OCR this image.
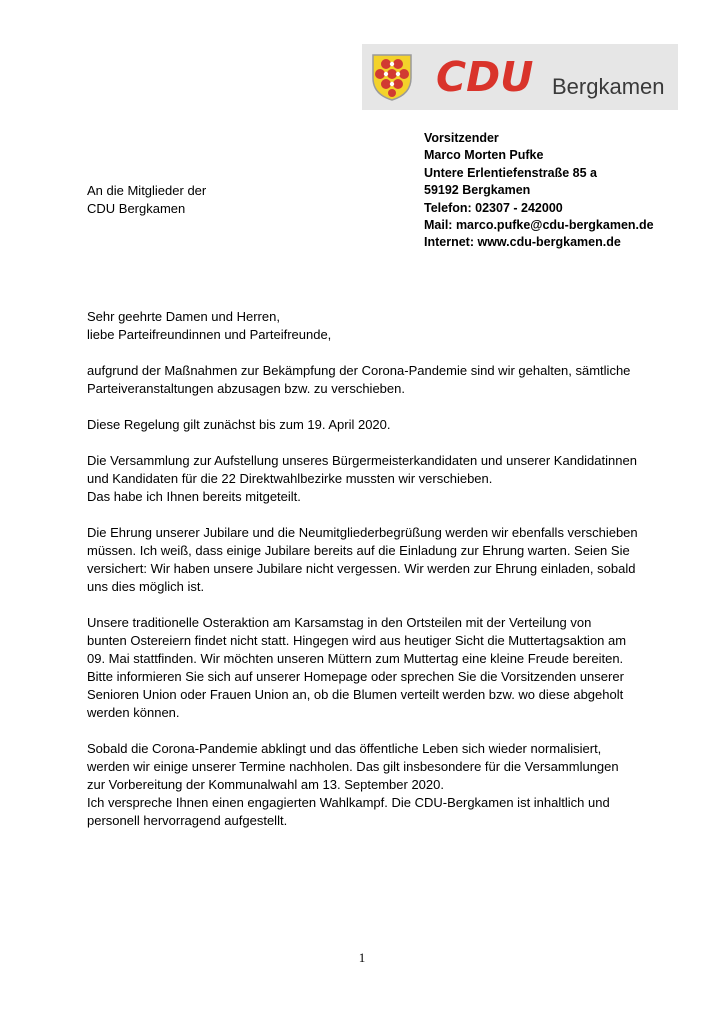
CDU Bergkamen
Vorsitzender
Marco Morten Pufke
Untere Erlentiefenstraße 85 a
59192 Bergkamen
Telefon: 02307 - 242000
Mail: marco.pufke@cdu-bergkamen.de
Internet: www.cdu-bergkamen.de
An die Mitglieder der
CDU Bergkamen

Sehr geehrte Damen und Herren,
liebe Parteifreundinnen und Parteifreunde,

aufgrund der Maßnahmen zur Bekämpfung der Corona-Pandemie sind wir gehalten, sämtliche
Parteiveranstaltungen abzusagen bzw. zu verschieben.

Diese Regelung gilt zunächst bis zum 19. April 2020.

Die Versammlung zur Aufstellung unseres Bürgermeisterkandidaten und unserer Kandidatinnen
und Kandidaten für die 22 Direktwahlbezirke mussten wir verschieben.
Das habe ich Ihnen bereits mitgeteilt.

Die Ehrung unserer Jubilare und die Neumitgliederbegrüßung werden wir ebenfalls verschieben
müssen. Ich weiß, dass einige Jubilare bereits auf die Einladung zur Ehrung warten. Seien Sie
versichert: Wir haben unsere Jubilare nicht vergessen. Wir werden zur Ehrung einladen, sobald
uns dies möglich ist.

Unsere traditionelle Osteraktion am Karsamstag in den Ortsteilen mit der Verteilung von
bunten Ostereiern findet nicht statt. Hingegen wird aus heutiger Sicht die Muttertagsaktion am
09. Mai stattfinden. Wir möchten unseren Müttern zum Muttertag eine kleine Freude bereiten.
Bitte informieren Sie sich auf unserer Homepage oder sprechen Sie die Vorsitzenden unserer
Senioren Union oder Frauen Union an, ob die Blumen verteilt werden bzw. wo diese abgeholt
werden können.

Sobald die Corona-Pandemie abklingt und das öffentliche Leben sich wieder normalisiert,
werden wir einige unserer Termine nachholen. Das gilt insbesondere für die Versammlungen
zur Vorbereitung der Kommunalwahl am 13. September 2020.
Ich verspreche Ihnen einen engagierten Wahlkampf. Die CDU-Bergkamen ist inhaltlich und
personell hervorragend aufgestellt.

1
